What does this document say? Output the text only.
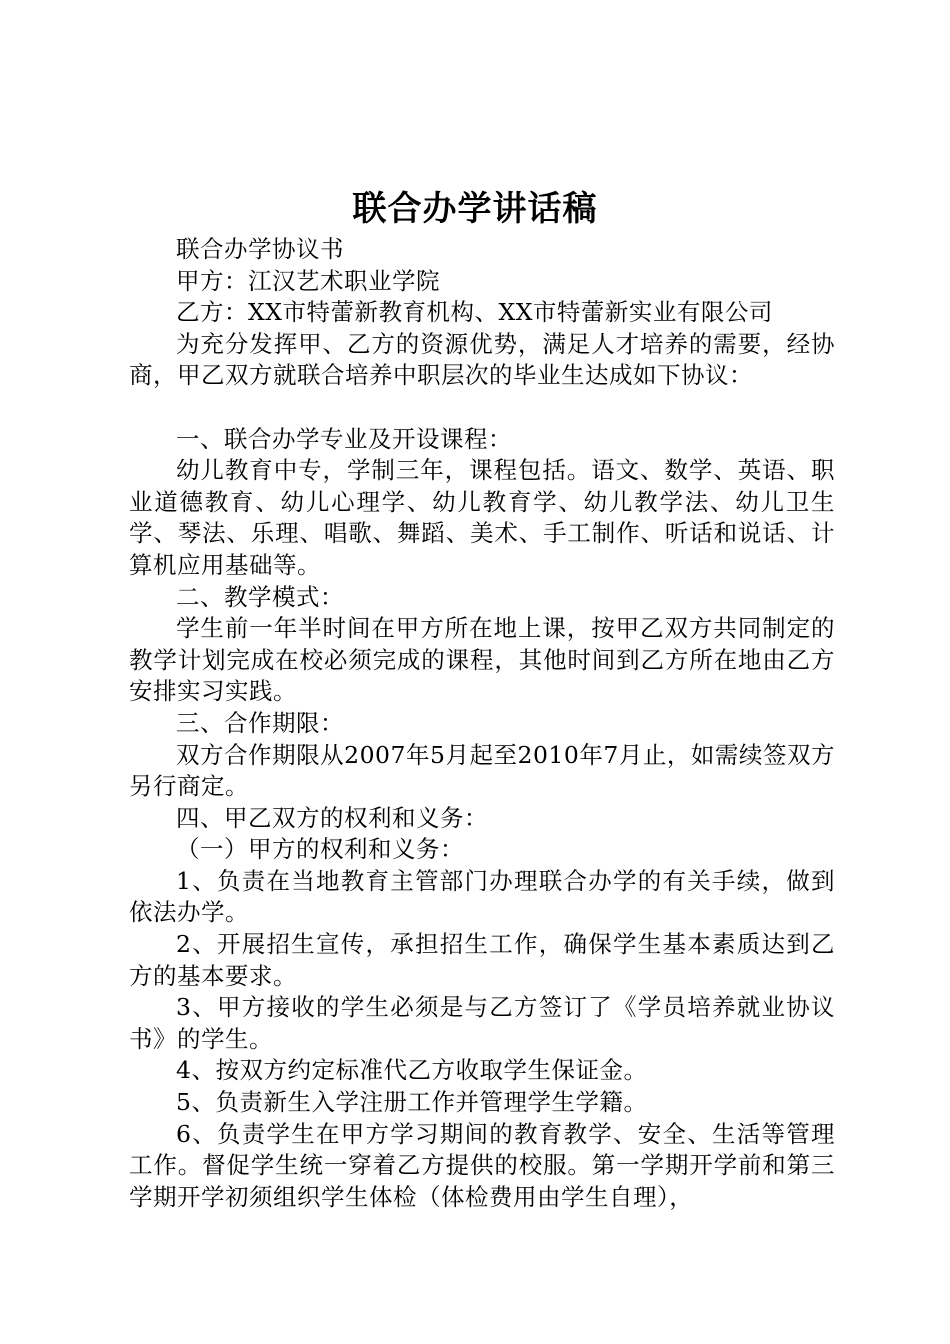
联合办学讲话稿

联合办学协议书

甲方：江汉艺术职业学院

乙方：XX市特蕾新教育机构、XX市特蕾新实业有限公司

为充分发挥甲、乙方的资源优势，满足人才培养的需要，经协商，甲乙双方就联合培养中职层次的毕业生达成如下协议：

一、联合办学专业及开设课程：

幼儿教育中专，学制三年，课程包括。语文、数学、英语、职业道德教育、幼儿心理学、幼儿教育学、幼儿教学法、幼儿卫生学、琴法、乐理、唱歌、舞蹈、美术、手工制作、听话和说话、计算机应用基础等。

二、教学模式：

学生前一年半时间在甲方所在地上课，按甲乙双方共同制定的教学计划完成在校必须完成的课程，其他时间到乙方所在地由乙方安排实习实践。

三、合作期限：

双方合作期限从2007年5月起至2010年7月止，如需续签双方另行商定。

四、甲乙双方的权利和义务：

（一）甲方的权利和义务：

1、负责在当地教育主管部门办理联合办学的有关手续，做到依法办学。

2、开展招生宣传，承担招生工作，确保学生基本素质达到乙方的基本要求。

3、甲方接收的学生必须是与乙方签订了《学员培养就业协议书》的学生。

4、按双方约定标准代乙方收取学生保证金。

5、负责新生入学注册工作并管理学生学籍。

6、负责学生在甲方学习期间的教育教学、安全、生活等管理工作。督促学生统一穿着乙方提供的校服。第一学期开学前和第三学期开学初须组织学生体检（体检费用由学生自理），
